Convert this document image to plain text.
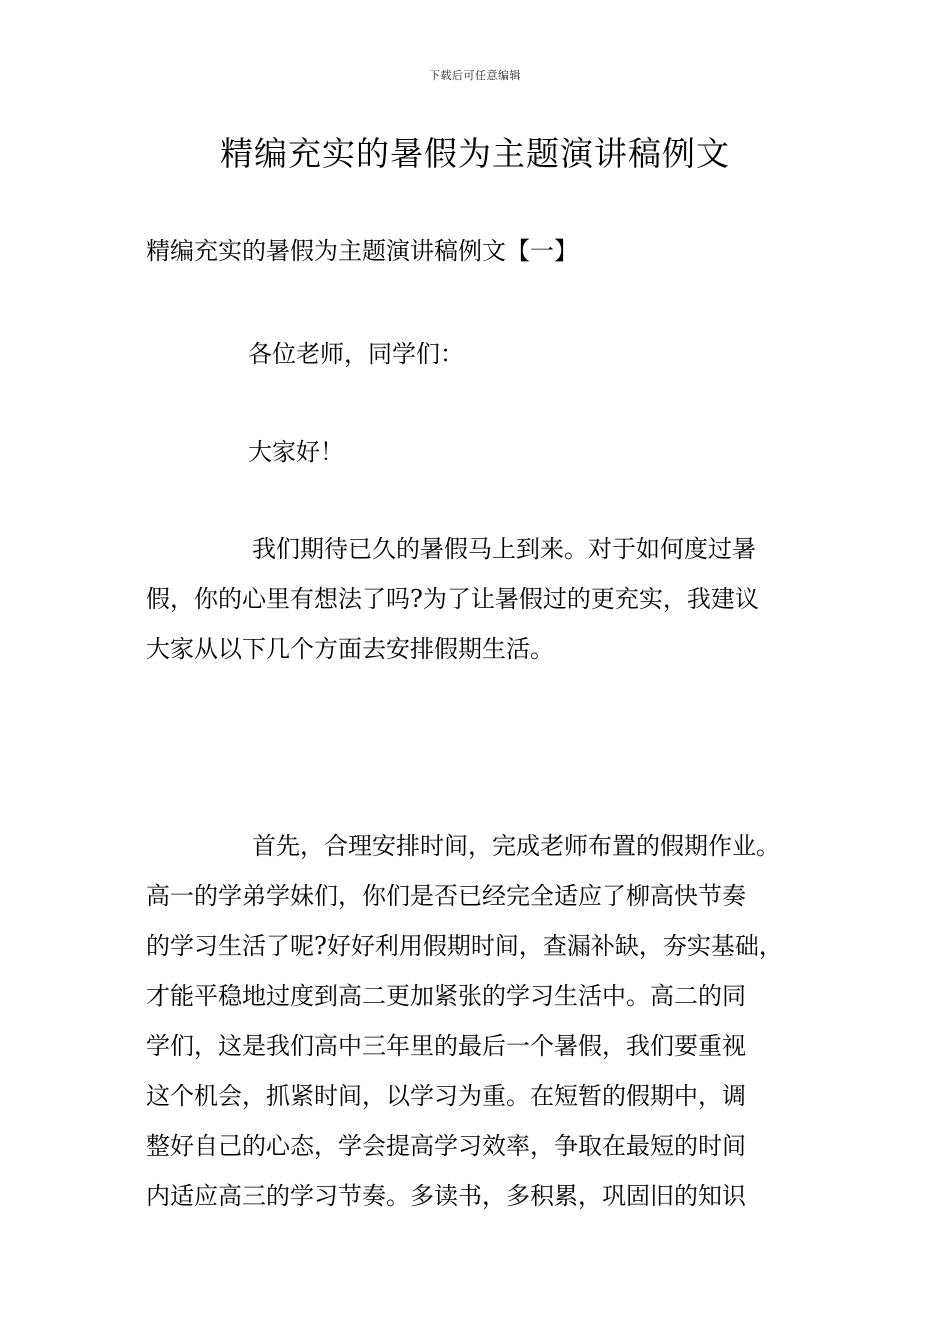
下载后可任意编辑
精编充实的暑假为主题演讲稿例文
精编充实的暑假为主题演讲稿例文【一】
各位老师，同学们：
大家好！
我们期待已久的暑假马上到来。对于如何度过暑
假，你的心里有想法了吗?为了让暑假过的更充实，我建议
大家从以下几个方面去安排假期生活。
首先，合理安排时间，完成老师布置的假期作业。
高一的学弟学妹们，你们是否已经完全适应了柳高快节奏
的学习生活了呢?好好利用假期时间，查漏补缺，夯实基础，
才能平稳地过度到高二更加紧张的学习生活中。高二的同
学们，这是我们高中三年里的最后一个暑假，我们要重视
这个机会，抓紧时间，以学习为重。在短暂的假期中，调
整好自己的心态，学会提高学习效率，争取在最短的时间
内适应高三的学习节奏。多读书，多积累，巩固旧的知识
